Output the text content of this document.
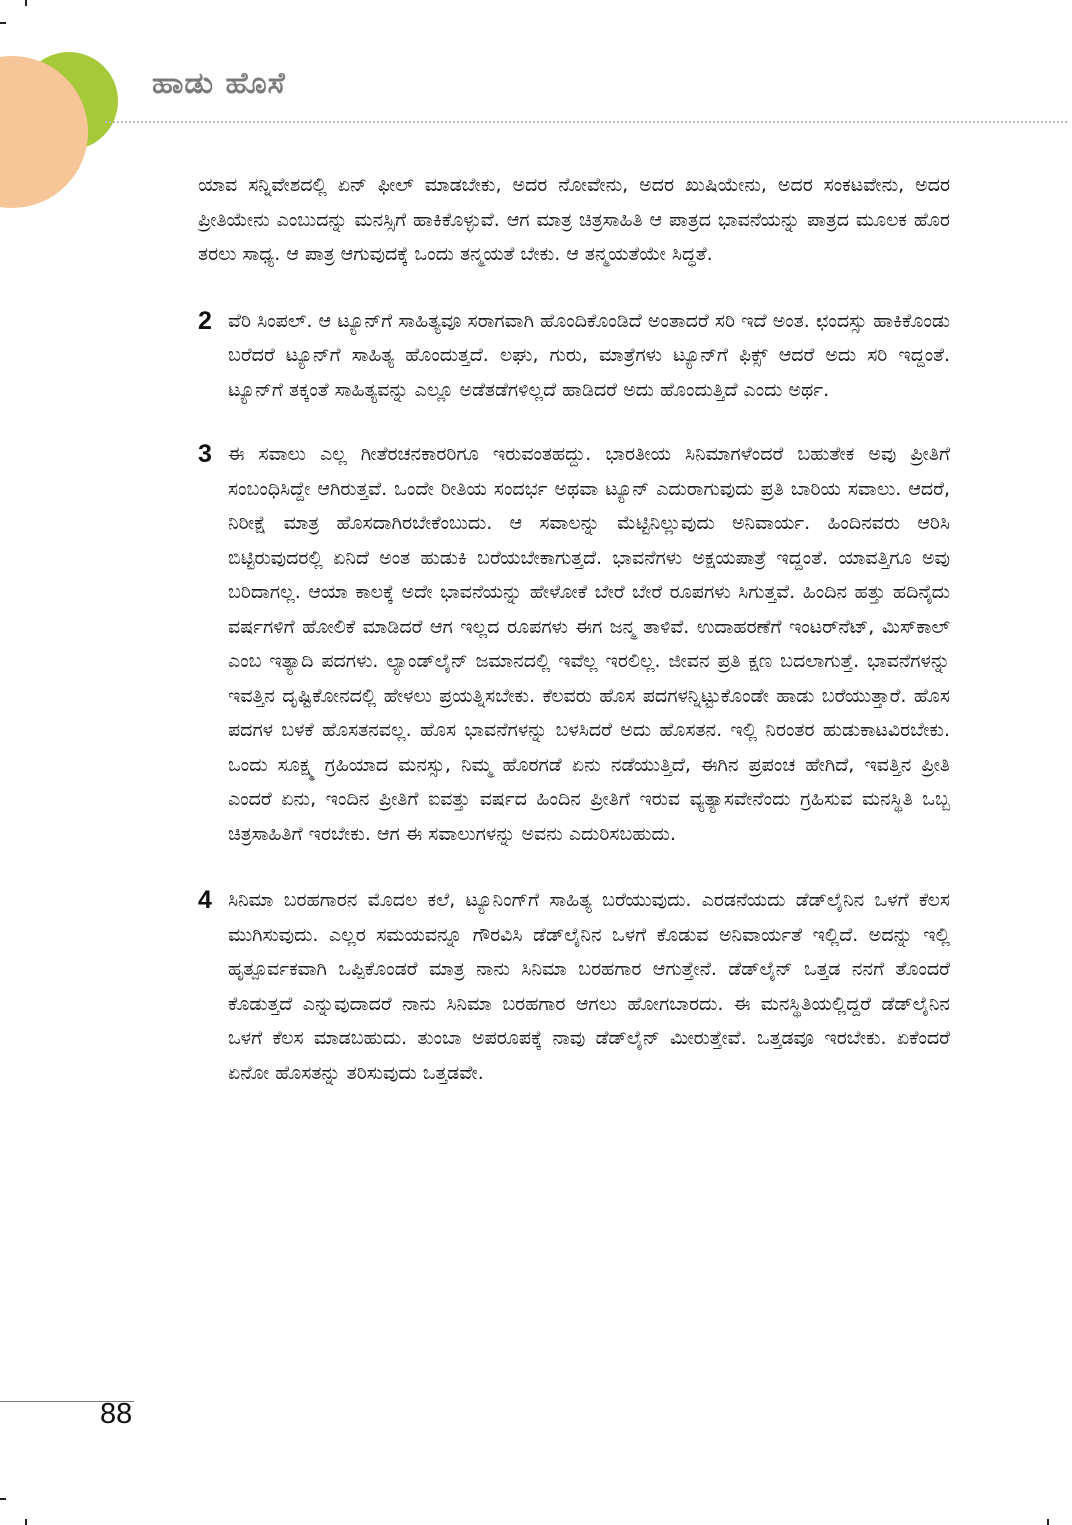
ಹಾಡು ಹೊಸೆ

ಯಾವ ಸನ್ನಿವೇಶದಲ್ಲಿ ಏನ್ ಫೀಲ್ ಮಾಡಬೇಕು, ಅದರ ನೋವೇನು, ಅದರ ಖುಷಿಯೇನು, ಅದರ ಸಂಕಟವೇನು, ಅದರ ಪ್ರೀತಿಯೇನು ಎಂಬುದನ್ನು ಮನಸ್ಸಿಗೆ ಹಾಕಿಕೊಳ್ಳುವೆ. ಆಗ ಮಾತ್ರ ಚಿತ್ರಸಾಹಿತಿ ಆ ಪಾತ್ರದ ಭಾವನೆಯನ್ನು ಪಾತ್ರದ ಮೂಲಕ ಹೊರ ತರಲು ಸಾಧ್ಯ. ಆ ಪಾತ್ರ ಆಗುವುದಕ್ಕೆ ಒಂದು ತನ್ಮಯತೆ ಬೇಕು. ಆ ತನ್ಮಯತೆಯೇ ಸಿದ್ಧತೆ.

2 ವೆರಿ ಸಿಂಪಲ್. ಆ ಟ್ಯೂನ್‌ಗೆ ಸಾಹಿತ್ಯವೂ ಸರಾಗವಾಗಿ ಹೊಂದಿಕೊಂಡಿದೆ ಅಂತಾದರೆ ಸರಿ ಇದೆ ಅಂತ. ಛಂದಸ್ಸು ಹಾಕಿಕೊಂಡು ಬರೆದರೆ ಟ್ಯೂನ್‌ಗೆ ಸಾಹಿತ್ಯ ಹೊಂದುತ್ತದೆ. ಲಘು, ಗುರು, ಮಾತ್ರೆಗಳು ಟ್ಯೂನ್‌ಗೆ ಫಿಕ್ಸ್ ಆದರೆ ಅದು ಸರಿ ಇದ್ದಂತೆ. ಟ್ಯೂನ್‌ಗೆ ತಕ್ಕಂತೆ ಸಾಹಿತ್ಯವನ್ನು ಎಲ್ಲೂ ಅಡೆತಡೆಗಳಿಲ್ಲದೆ ಹಾಡಿದರೆ ಅದು ಹೊಂದುತ್ತಿದೆ ಎಂದು ಅರ್ಥ.

3 ಈ ಸವಾಲು ಎಲ್ಲ ಗೀತೆರಚನಕಾರರಿಗೂ ಇರುವಂತಹದ್ದು. ಭಾರತೀಯ ಸಿನಿಮಾಗಳೆಂದರೆ ಬಹುತೇಕ ಅವು ಪ್ರೀತಿಗೆ ಸಂಬಂಧಿಸಿದ್ದೇ ಆಗಿರುತ್ತವೆ. ಒಂದೇ ರೀತಿಯ ಸಂದರ್ಭ ಅಥವಾ ಟ್ಯೂನ್ ಎದುರಾಗುವುದು ಪ್ರತಿ ಬಾರಿಯ ಸವಾಲು. ಆದರೆ, ನಿರೀಕ್ಷೆ ಮಾತ್ರ ಹೊಸದಾಗಿರಬೇಕೆಂಬುದು. ಆ ಸವಾಲನ್ನು ಮೆಟ್ಟಿನಿಲ್ಲುವುದು ಅನಿವಾರ್ಯ. ಹಿಂದಿನವರು ಆರಿಸಿ ಬಿಟ್ಟಿರುವುದರಲ್ಲಿ ಏನಿದೆ ಅಂತ ಹುಡುಕಿ ಬರೆಯಬೇಕಾಗುತ್ತದೆ. ಭಾವನೆಗಳು ಅಕ್ಷಯಪಾತ್ರೆ ಇದ್ದಂತೆ. ಯಾವತ್ತಿಗೂ ಅವು ಬರಿದಾಗಲ್ಲ. ಆಯಾ ಕಾಲಕ್ಕೆ ಅದೇ ಭಾವನೆಯನ್ನು ಹೇಳೋಕೆ ಬೇರೆ ಬೇರೆ ರೂಪಗಳು ಸಿಗುತ್ತವೆ. ಹಿಂದಿನ ಹತ್ತು ಹದಿನೈದು ವರ್ಷಗಳಿಗೆ ಹೋಲಿಕೆ ಮಾಡಿದರೆ ಆಗ ಇಲ್ಲದ ರೂಪಗಳು ಈಗ ಜನ್ಮ ತಾಳಿವೆ. ಉದಾಹರಣೆಗೆ ಇಂಟರ್‌ನೆಟ್, ಮಿಸ್‌ಕಾಲ್ ಎಂಬ ಇತ್ಯಾದಿ ಪದಗಳು. ಲ್ಯಾಂಡ್‌ಲೈನ್ ಜಮಾನದಲ್ಲಿ ಇವೆಲ್ಲ ಇರಲಿಲ್ಲ. ಜೀವನ ಪ್ರತಿ ಕ್ಷಣ ಬದಲಾಗುತ್ತೆ. ಭಾವನೆಗಳನ್ನು ಇವತ್ತಿನ ದೃಷ್ಟಿಕೋನದಲ್ಲಿ ಹೇಳಲು ಪ್ರಯತ್ನಿಸಬೇಕು. ಕೆಲವರು ಹೊಸ ಪದಗಳನ್ನಿಟ್ಟುಕೊಂಡೇ ಹಾಡು ಬರೆಯುತ್ತಾರೆ. ಹೊಸ ಪದಗಳ ಬಳಕೆ ಹೊಸತನವಲ್ಲ. ಹೊಸ ಭಾವನೆಗಳನ್ನು ಬಳಸಿದರೆ ಅದು ಹೊಸತನ. ಇಲ್ಲಿ ನಿರಂತರ ಹುಡುಕಾಟವಿರಬೇಕು. ಒಂದು ಸೂಕ್ಷ್ಮ ಗ್ರಹಿಯಾದ ಮನಸ್ಸು, ನಿಮ್ಮ ಹೊರಗಡೆ ಏನು ನಡೆಯುತ್ತಿದೆ, ಈಗಿನ ಪ್ರಪಂಚ ಹೇಗಿದೆ, ಇವತ್ತಿನ ಪ್ರೀತಿ ಎಂದರೆ ಏನು, ಇಂದಿನ ಪ್ರೀತಿಗೆ ಐವತ್ತು ವರ್ಷದ ಹಿಂದಿನ ಪ್ರೀತಿಗೆ ಇರುವ ವ್ಯತ್ಯಾಸವೇನೆಂದು ಗ್ರಹಿಸುವ ಮನಸ್ಥಿತಿ ಒಬ್ಬ ಚಿತ್ರಸಾಹಿತಿಗೆ ಇರಬೇಕು. ಆಗ ಈ ಸವಾಲುಗಳನ್ನು ಅವನು ಎದುರಿಸಬಹುದು.

4 ಸಿನಿಮಾ ಬರಹಗಾರನ ಮೊದಲ ಕಲೆ, ಟ್ಯೂನಿಂಗ್‌ಗೆ ಸಾಹಿತ್ಯ ಬರೆಯುವುದು. ಎರಡನೆಯದು ಡೆಡ್‌ಲೈನಿನ ಒಳಗೆ ಕೆಲಸ ಮುಗಿಸುವುದು. ಎಲ್ಲರ ಸಮಯವನ್ನೂ ಗೌರವಿಸಿ ಡೆಡ್‌ಲೈನಿನ ಒಳಗೆ ಕೊಡುವ ಅನಿವಾರ್ಯತೆ ಇಲ್ಲಿದೆ. ಅದನ್ನು ಇಲ್ಲಿ ಹೃತ್ಪೂರ್ವಕವಾಗಿ ಒಪ್ಪಿಕೊಂಡರೆ ಮಾತ್ರ ನಾನು ಸಿನಿಮಾ ಬರಹಗಾರ ಆಗುತ್ತೇನೆ. ಡೆಡ್‌ಲೈನ್ ಒತ್ತಡ ನನಗೆ ತೊಂದರೆ ಕೊಡುತ್ತದೆ ಎನ್ನುವುದಾದರೆ ನಾನು ಸಿನಿಮಾ ಬರಹಗಾರ ಆಗಲು ಹೋಗಬಾರದು. ಈ ಮನಸ್ಥಿತಿಯಲ್ಲಿದ್ದರೆ ಡೆಡ್‌ಲೈನಿನ ಒಳಗೆ ಕೆಲಸ ಮಾಡಬಹುದು. ತುಂಬಾ ಅಪರೂಪಕ್ಕೆ ನಾವು ಡೆಡ್‌ಲೈನ್ ಮೀರುತ್ತೇವೆ. ಒತ್ತಡವೂ ಇರಬೇಕು. ಏಕೆಂದರೆ ಏನೋ ಹೊಸತನ್ನು ತರಿಸುವುದು ಒತ್ತಡವೇ.

88
